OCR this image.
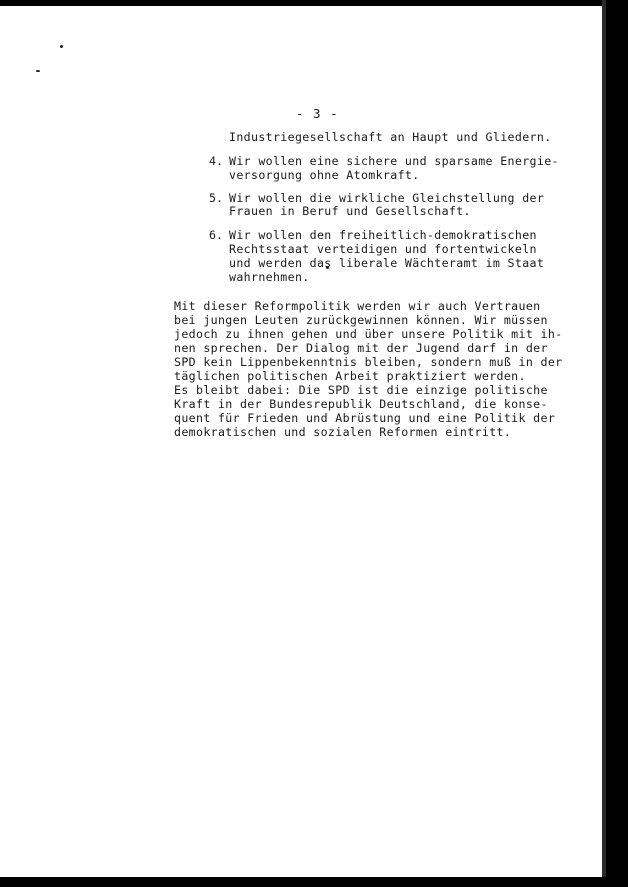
- 3 -
Industriegesellschaft an Haupt und Gliedern.
4. Wir wollen eine sichere und sparsame Energie-
versorgung ohne Atomkraft.
5. Wir wollen die wirkliche Gleichstellung der
Frauen in Beruf und Gesellschaft.
6. Wir wollen den freiheitlich-demokratischen
Rechtsstaat verteidigen und fortentwickeln
und werden das liberale Wächteramt im Staat
wahrnehmen.
Mit dieser Reformpolitik werden wir auch Vertrauen
bei jungen Leuten zurückgewinnen können. Wir müssen
jedoch zu ihnen gehen und über unsere Politik mit ih-
nen sprechen. Der Dialog mit der Jugend darf in der
SPD kein Lippenbekenntnis bleiben, sondern muß in der
täglichen politischen Arbeit praktiziert werden.
Es bleibt dabei: Die SPD ist die einzige politische
Kraft in der Bundesrepublik Deutschland, die konse-
quent für Frieden und Abrüstung und eine Politik der
demokratischen und sozialen Reformen eintritt.
